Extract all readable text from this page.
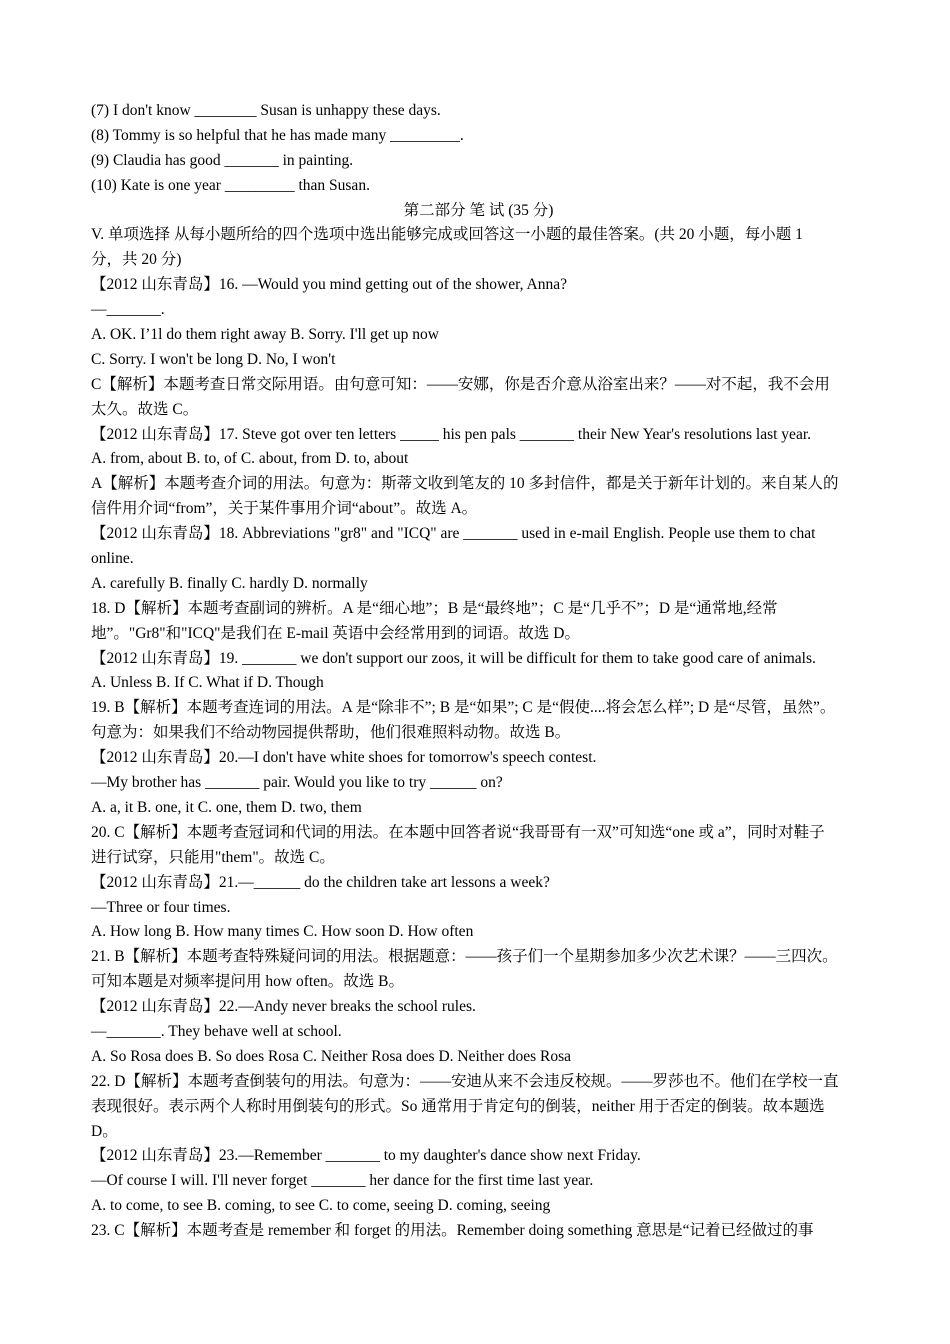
(7) I don't know ________ Susan is unhappy these days.
(8) Tommy is so helpful that he has made many _________.
(9) Claudia has good _______ in painting.
(10) Kate is one year _________ than Susan.
第二部分 笔 试 (35 分)
V. 单项选择 从每小题所给的四个选项中选出能够完成或回答这一小题的最佳答案。(共 20 小题，每小题 1
分，共 20 分)
【2012 山东青岛】16. —Would you mind getting out of the shower, Anna?
—_______.
A. OK. I’1l do them right away B. Sorry. I'll get up now
C. Sorry. I won't be long D. No, I won't
C【解析】本题考查日常交际用语。由句意可知：——安娜，你是否介意从浴室出来？——对不起，我不会用
太久。故选 C。
【2012 山东青岛】17. Steve got over ten letters _____ his pen pals _______ their New Year's resolutions last year.
A. from, about B. to, of C. about, from D. to, about
A【解析】本题考查介词的用法。句意为：斯蒂文收到笔友的 10 多封信件，都是关于新年计划的。来自某人的
信件用介词“from”，关于某件事用介词“about”。故选 A。
【2012 山东青岛】18. Abbreviations "gr8" and "ICQ" are _______ used in e-mail English. People use them to chat
online.
A. carefully B. finally C. hardly D. normally
18. D【解析】本题考查副词的辨析。A 是“细心地”；B 是“最终地”；C 是“几乎不”；D 是“通常地,经常
地”。"Gr8"和"ICQ"是我们在 E-mail 英语中会经常用到的词语。故选 D。
【2012 山东青岛】19. _______ we don't support our zoos, it will be difficult for them to take good care of animals.
A. Unless B. If C. What if D. Though
19. B【解析】本题考查连词的用法。A 是“除非不”; B 是“如果”; C 是“假使....将会怎么样”; D 是“尽管，虽然”。
句意为：如果我们不给动物园提供帮助，他们很难照料动物。故选 B。
【2012 山东青岛】20.—I don't have white shoes for tomorrow's speech contest.
—My brother has _______ pair. Would you like to try ______ on?
A. a, it B. one, it C. one, them D. two, them
20. C【解析】本题考查冠词和代词的用法。在本题中回答者说“我哥哥有一双”可知选“one 或 a”，同时对鞋子
进行试穿，只能用"them"。故选 C。
【2012 山东青岛】21.—______ do the children take art lessons a week?
—Three or four times.
A. How long B. How many times C. How soon D. How often
21. B【解析】本题考查特殊疑问词的用法。根据题意：——孩子们一个星期参加多少次艺术课？——三四次。
可知本题是对频率提问用 how often。故选 B。
【2012 山东青岛】22.—Andy never breaks the school rules.
—_______. They behave well at school.
A. So Rosa does B. So does Rosa C. Neither Rosa does D. Neither does Rosa
22. D【解析】本题考查倒装句的用法。句意为：——安迪从来不会违反校规。——罗莎也不。他们在学校一直
表现很好。表示两个人称时用倒装句的形式。So 通常用于肯定句的倒装，neither 用于否定的倒装。故本题选
D。
【2012 山东青岛】23.—Remember _______ to my daughter's dance show next Friday.
—Of course I will. I'll never forget _______ her dance for the first time last year.
A. to come, to see B. coming, to see C. to come, seeing D. coming, seeing
23. C【解析】本题考查是 remember 和 forget 的用法。Remember doing something 意思是“记着已经做过的事
